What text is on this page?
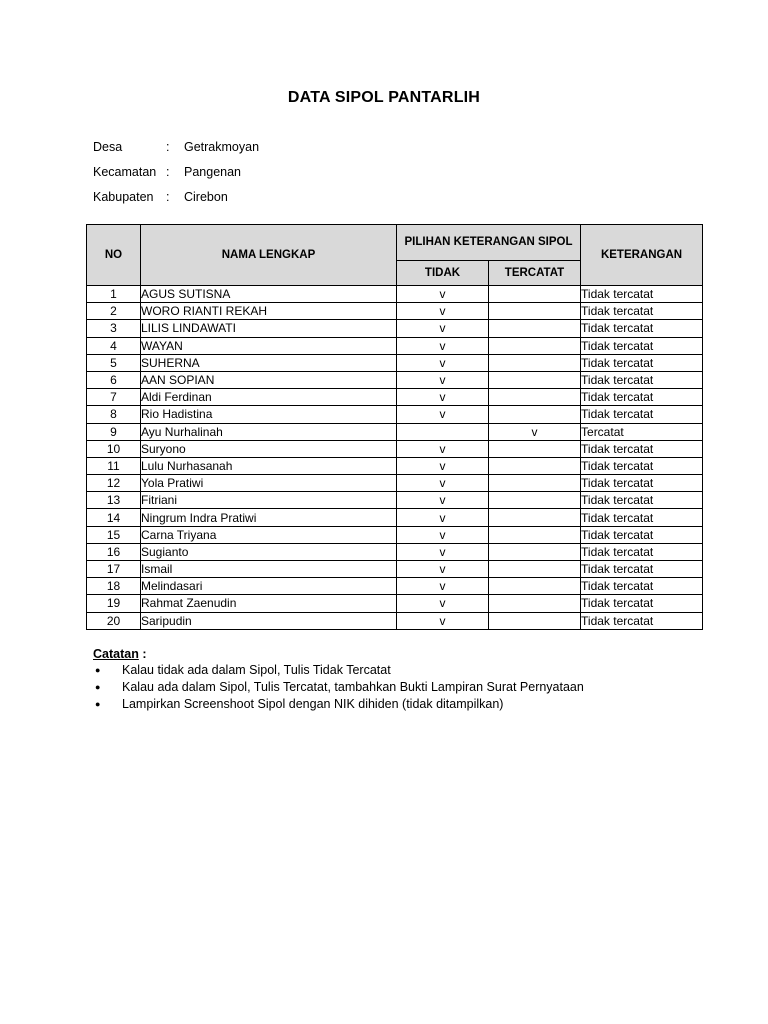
DATA SIPOL PANTARLIH
Desa	:	Getrakmoyan
Kecamatan :	Pangenan
Kabupaten	:	Cirebon
NO	NAMA LENGKAP	PILIHAN KETERANGAN SIPOL		KETERANGAN
		TIDAK	TERCATAT	
1	AGUS SUTISNA	v		Tidak tercatat
2	WORO RIANTI REKAH	v		Tidak tercatat
3	LILIS LINDAWATI	v		Tidak tercatat
4	WAYAN	v		Tidak tercatat
5	SUHERNA	v		Tidak tercatat
6	AAN SOPIAN	v		Tidak tercatat
7	Aldi Ferdinan	v		Tidak tercatat
8	Rio Hadistina	v		Tidak tercatat
9	Ayu Nurhalinah		v	Tercatat
10	Suryono	v		Tidak tercatat
11	Lulu Nurhasanah	v		Tidak tercatat
12	Yola Pratiwi	v		Tidak tercatat
13	Fitriani	v		Tidak tercatat
14	Ningrum Indra Pratiwi	v		Tidak tercatat
15	Carna Triyana	v		Tidak tercatat
16	Sugianto	v		Tidak tercatat
17	Ismail	v		Tidak tercatat
18	Melindasari	v		Tidak tercatat
19	Rahmat Zaenudin	v		Tidak tercatat
20	Saripudin	v		Tidak tercatat
Catatan :
●	Kalau tidak ada dalam Sipol, Tulis Tidak Tercatat
●	Kalau ada dalam Sipol, Tulis Tercatat, tambahkan Bukti Lampiran Surat Pernyataan
●	Lampirkan Screenshoot Sipol dengan NIK dihiden (tidak ditampilkan)
